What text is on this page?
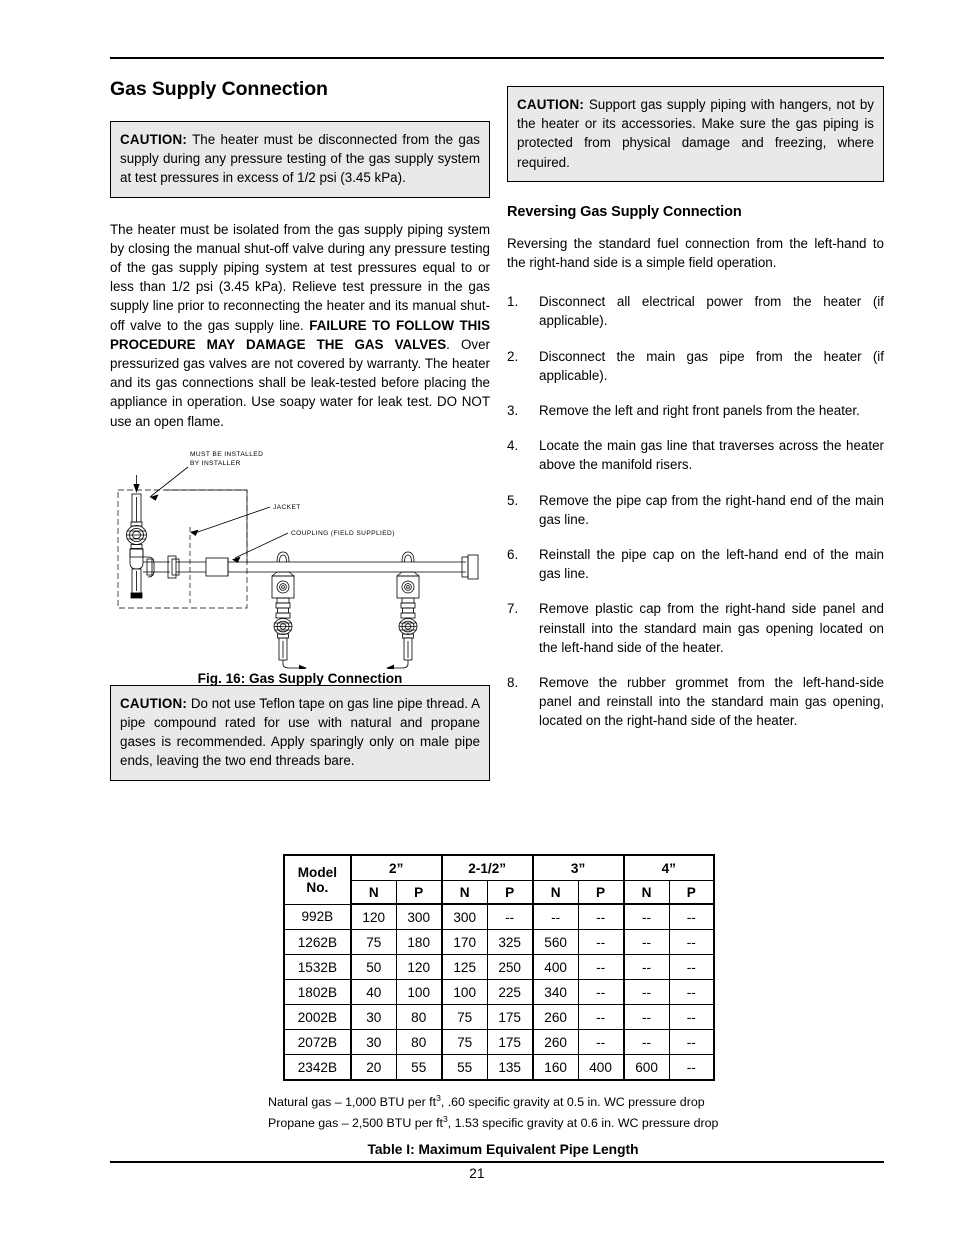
Gas Supply Connection
CAUTION: The heater must be disconnected from the gas supply during any pressure testing of the gas supply system at test pressures in excess of 1/2 psi (3.45 kPa).

The heater must be isolated from the gas supply piping system by closing the manual shut-off valve during any pressure testing of the gas supply piping system at test pressures equal to or less than 1/2 psi (3.45 kPa). Relieve test pressure in the gas supply line prior to reconnecting the heater and its manual shut-off valve to the gas supply line. FAILURE TO FOLLOW THIS PROCEDURE MAY DAMAGE THE GAS VALVES. Over pressurized gas valves are not covered by warranty. The heater and its gas connections shall be leak-tested before placing the appliance in operation. Use soapy water for leak test. DO NOT use an open flame.

MUST BE INSTALLED
BY INSTALLER
JACKET
COUPLING (FIELD SUPPLIED)
Fig. 16: Gas Supply Connection
CAUTION: Do not use Teflon tape on gas line pipe thread. A pipe compound rated for use with natural and propane gases is recommended. Apply sparingly only on male pipe ends, leaving the two end threads bare.
CAUTION: Support gas supply piping with hangers, not by the heater or its accessories. Make sure the gas piping is protected from physical damage and freezing, where required.
Reversing Gas Supply Connection

Reversing the standard fuel connection from the left-hand to the right-hand side is a simple field operation.

1.	Disconnect all electrical power from the heater (if applicable).
2.	Disconnect the main gas pipe from the heater (if applicable).
3.	Remove the left and right front panels from the heater.
4.	Locate the main gas line that traverses across the heater above the manifold risers.
5.	Remove the pipe cap from the right-hand end of the main gas line.
6.	Reinstall the pipe cap on the left-hand end of the main gas line.
7.	Remove plastic cap from the right-hand side panel and reinstall into the standard main gas opening located on the left-hand side of the heater.
8.	Remove the rubber grommet from the left-hand-side panel and reinstall into the standard main gas opening, located on the right-hand side of the heater.
Model
No.	2”		2-1/2”		3”		4”	
	N	P	N	P	N	P	N	P
992B	120	300	300	--	--	--	--	--
1262B	75	180	170	325	560	--	--	--
1532B	50	120	125	250	400	--	--	--
1802B	40	100	100	225	340	--	--	--
2002B	30	80	75	175	260	--	--	--
2072B	30	80	75	175	260	--	--	--
2342B	20	55	55	135	160	400	600	--
Natural gas – 1,000 BTU per $ft^3$, .60 specific gravity at 0.5 in. WC pressure drop
Propane gas – 2,500 BTU per $ft^3$, 1.53 specific gravity at 0.6 in. WC pressure drop
Table I: Maximum Equivalent Pipe Length
21
